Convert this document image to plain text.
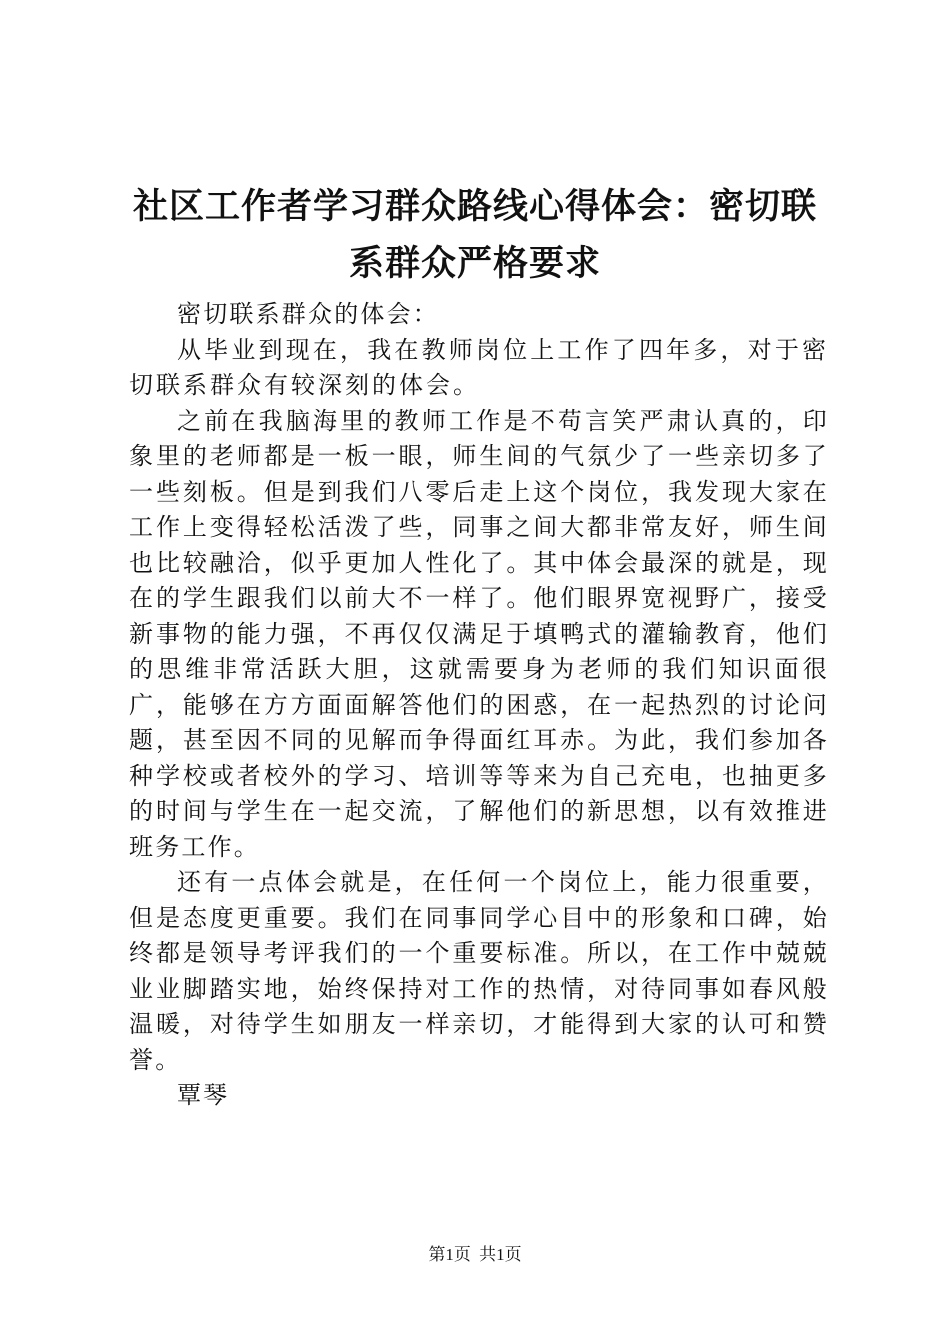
社区工作者学习群众路线心得体会：密切联系群众严格要求

密切联系群众的体会：

从毕业到现在，我在教师岗位上工作了四年多，对于密切联系群众有较深刻的体会。

之前在我脑海里的教师工作是不苟言笑严肃认真的，印象里的老师都是一板一眼，师生间的气氛少了一些亲切多了一些刻板。但是到我们八零后走上这个岗位，我发现大家在工作上变得轻松活泼了些，同事之间大都非常友好，师生间也比较融洽，似乎更加人性化了。其中体会最深的就是，现在的学生跟我们以前大不一样了。他们眼界宽视野广，接受新事物的能力强，不再仅仅满足于填鸭式的灌输教育，他们的思维非常活跃大胆，这就需要身为老师的我们知识面很广，能够在方方面面解答他们的困惑，在一起热烈的讨论问题，甚至因不同的见解而争得面红耳赤。为此，我们参加各种学校或者校外的学习、培训等等来为自己充电，也抽更多的时间与学生在一起交流，了解他们的新思想，以有效推进班务工作。

还有一点体会就是，在任何一个岗位上，能力很重要，但是态度更重要。我们在同事同学心目中的形象和口碑，始终都是领导考评我们的一个重要标准。所以，在工作中兢兢业业脚踏实地，始终保持对工作的热情，对待同事如春风般温暖，对待学生如朋友一样亲切，才能得到大家的认可和赞誉。

覃琴

第1页 共1页
